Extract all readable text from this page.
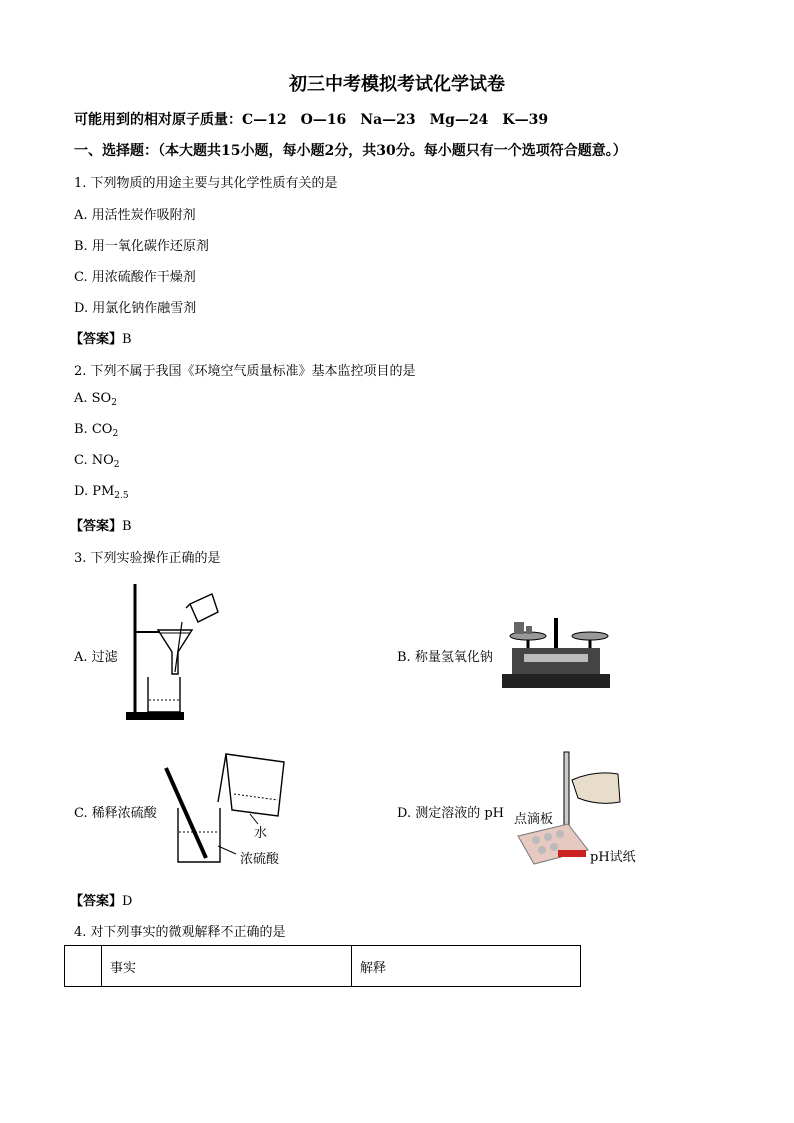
初三中考模拟考试化学试卷
可能用到的相对原子质量：C—12　O—16　Na—23　Mg—24　K—39
一、选择题：（本大题共15小题，每小题2分，共30分。每小题只有一个选项符合题意。）
1. 下列物质的用途主要与其化学性质有关的是
A. 用活性炭作吸附剂
B. 用一氧化碳作还原剂
C. 用浓硫酸作干燥剂
D. 用氯化钠作融雪剂
【答案】B
2. 下列不属于我国《环境空气质量标准》基本监控项目的是
A. $SO_2$
B. $CO_2$
C. $NO_2$
D. $PM_{2.5}$
【答案】B
3. 下列实验操作正确的是
A. 过滤	B. 称量氢氧化钠
C. 稀释浓硫酸
水
浓硫酸
D. 测定溶液的 pH 点滴板
pH试纸
【答案】D
4. 对下列事实的微观解释不正确的是
	事实	解释
